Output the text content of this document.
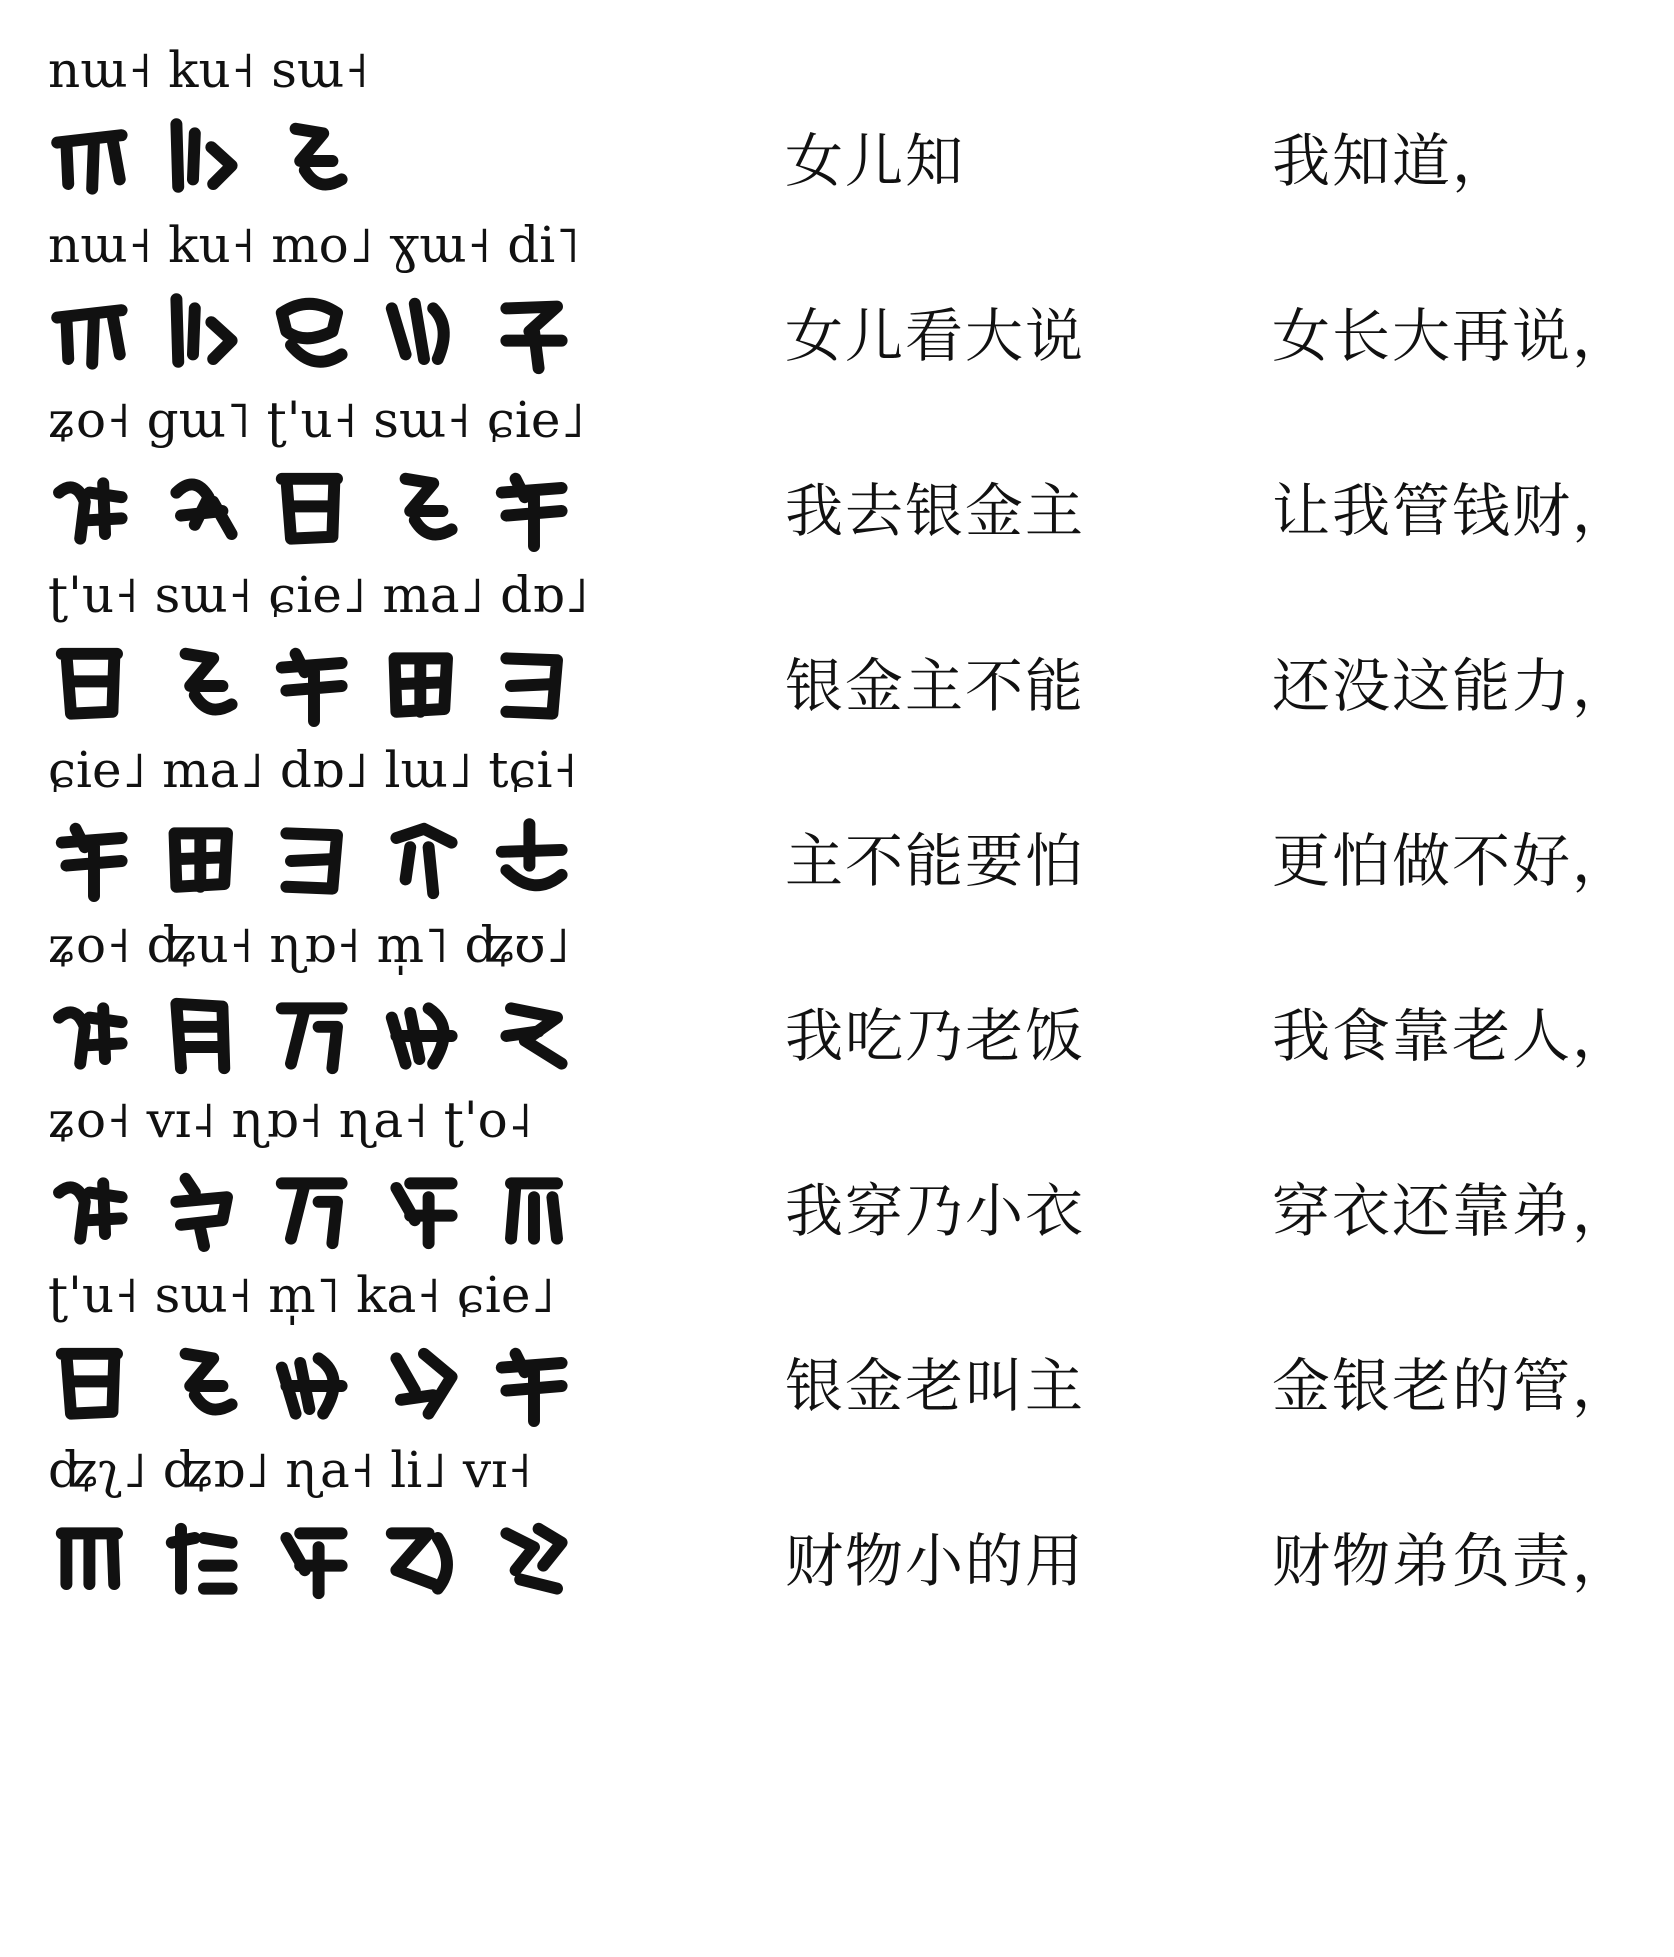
nɯ˧ ku˧ sɯ˧
女儿知	我知道，
nɯ˧ ku˧ mo˩ ɣɯ˧ di˥
女儿看大说	女长大再说，
ʑo˧ gɯ˥ ʈ'u˧ sɯ˧ ɕie˩
我去银金主	让我管钱财，
ʈ'u˧ sɯ˧ ɕie˩ ma˩ dɒ˩
银金主不能	还没这能力，
ɕie˩ ma˩ dɒ˩ lɯ˩ tɕi˧
主不能要怕	更怕做不好，
ʑo˧ ʥu˧ ɳɒ˧ m̩˥ ʥʊ˩
我吃乃老饭	我食靠老人，
ʑo˧ vɪ˨ ɳɒ˧ ɳa˧ ʈ'o˨
我穿乃小衣	穿衣还靠弟，
ʈ'u˧ sɯ˧ m̩˥ ka˧ ɕie˩
银金老叫主	金银老的管，
ʥʅ˩ ʥɒ˩ ɳa˧ li˩ vɪ˧
财物小的用	财物弟负责，
